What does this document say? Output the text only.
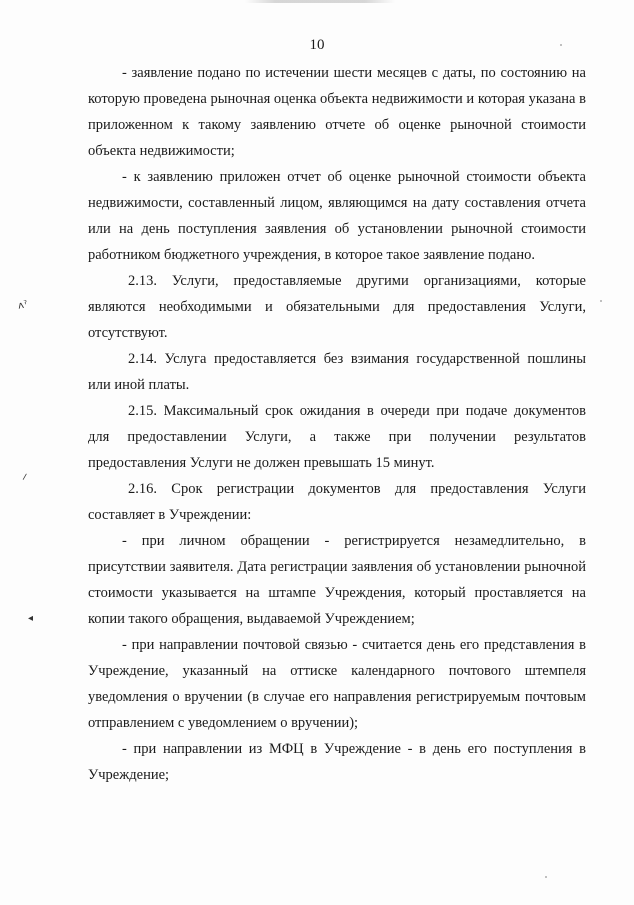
10

- заявление подано по истечении шести месяцев с даты, по состоянию на которую проведена рыночная оценка объекта недвижимости и которая указана в приложенном к такому заявлению отчете об оценке рыночной стоимости объекта недвижимости;

- к заявлению приложен отчет об оценке рыночной стоимости объекта недвижимости, составленный лицом, являющимся на дату составления отчета или на день поступления заявления об установлении рыночной стоимости работником бюджетного учреждения, в которое такое заявление подано.

2.13. Услуги, предоставляемые другими организациями, которые являются необходимыми и обязательными для предоставления Услуги, отсутствуют.

2.14. Услуга предоставляется без взимания государственной пошлины или иной платы.

2.15. Максимальный срок ожидания в очереди при подаче документов для предоставлении Услуги, а также при получении результатов предоставления Услуги не должен превышать 15 минут.

2.16. Срок регистрации документов для предоставления Услуги составляет в Учреждении:

- при личном обращении - регистрируется незамедлительно, в присутствии заявителя. Дата регистрации заявления об установлении рыночной стоимости указывается на штампе Учреждения, который проставляется на копии такого обращения, выдаваемой Учреждением;

- при направлении почтовой связью - считается день его представления в Учреждение, указанный на оттиске календарного почтового штемпеля уведомления о вручении (в случае его направления регистрируемым почтовым отправлением с уведомлением о вручении);

- при направлении из МФЦ в Учреждение - в день его поступления в Учреждение;

ʌˀ
⸍
◂
